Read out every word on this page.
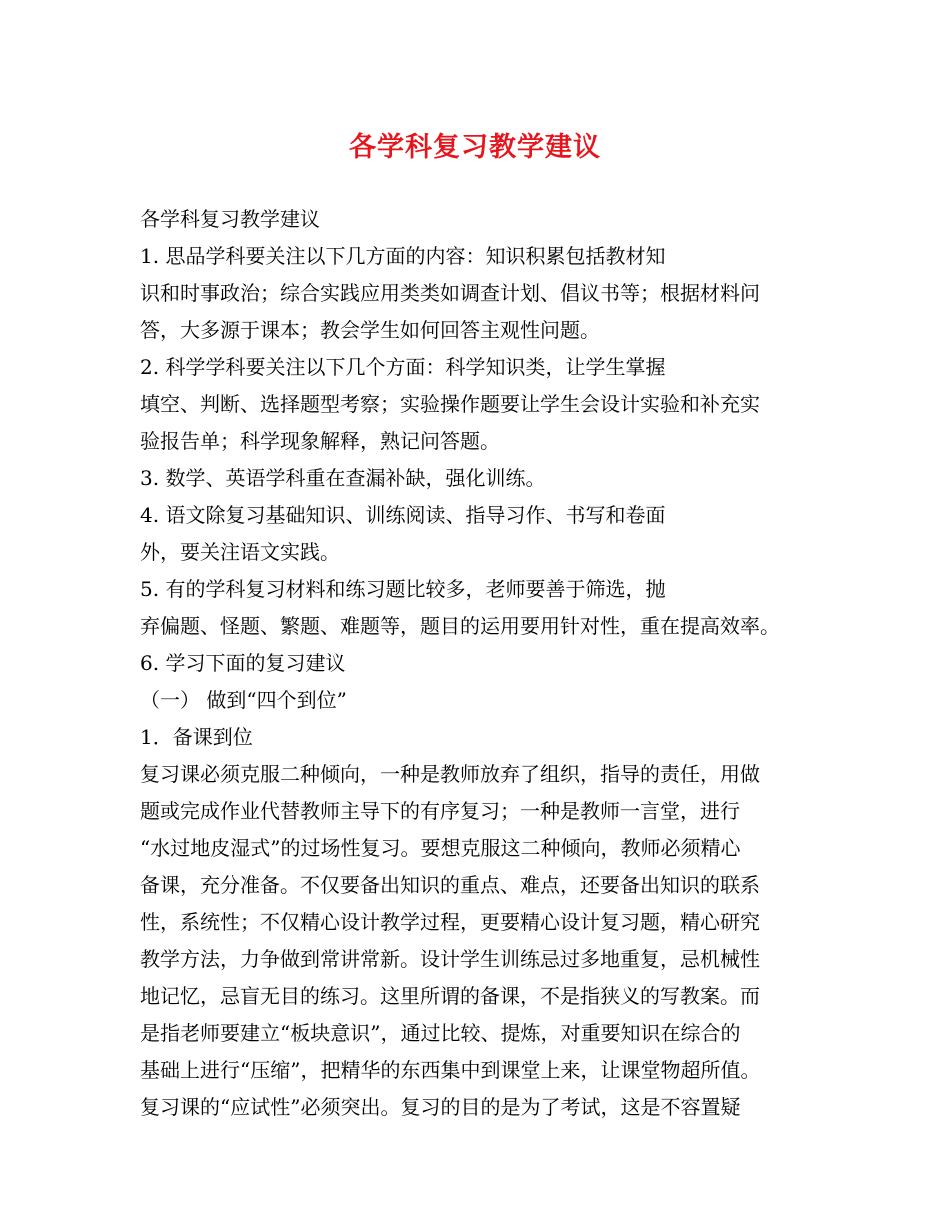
各学科复习教学建议
各学科复习教学建议
1. 思品学科要关注以下几方面的内容：知识积累包括教材知
识和时事政治；综合实践应用类类如调查计划、倡议书等；根据材料问
答，大多源于课本；教会学生如何回答主观性问题。
2. 科学学科要关注以下几个方面：科学知识类，让学生掌握
填空、判断、选择题型考察；实验操作题要让学生会设计实验和补充实
验报告单；科学现象解释，熟记问答题。
3. 数学、英语学科重在查漏补缺，强化训练。
4. 语文除复习基础知识、训练阅读、指导习作、书写和卷面
外，要关注语文实践。
5. 有的学科复习材料和练习题比较多，老师要善于筛选，抛
弃偏题、怪题、繁题、难题等，题目的运用要用针对性，重在提高效率。
6. 学习下面的复习建议
（一） 做到“四个到位”
1．备课到位
复习课必须克服二种倾向，一种是教师放弃了组织，指导的责任，用做
题或完成作业代替教师主导下的有序复习；一种是教师一言堂，进行
“水过地皮湿式”的过场性复习。要想克服这二种倾向，教师必须精心
备课，充分准备。不仅要备出知识的重点、难点，还要备出知识的联系
性，系统性；不仅精心设计教学过程，更要精心设计复习题，精心研究
教学方法，力争做到常讲常新。设计学生训练忌过多地重复，忌机械性
地记忆，忌盲无目的练习。这里所谓的备课，不是指狭义的写教案。而
是指老师要建立“板块意识”，通过比较、提炼，对重要知识在综合的
基础上进行“压缩”，把精华的东西集中到课堂上来，让课堂物超所值。
复习课的“应试性”必须突出。复习的目的是为了考试，这是不容置疑
